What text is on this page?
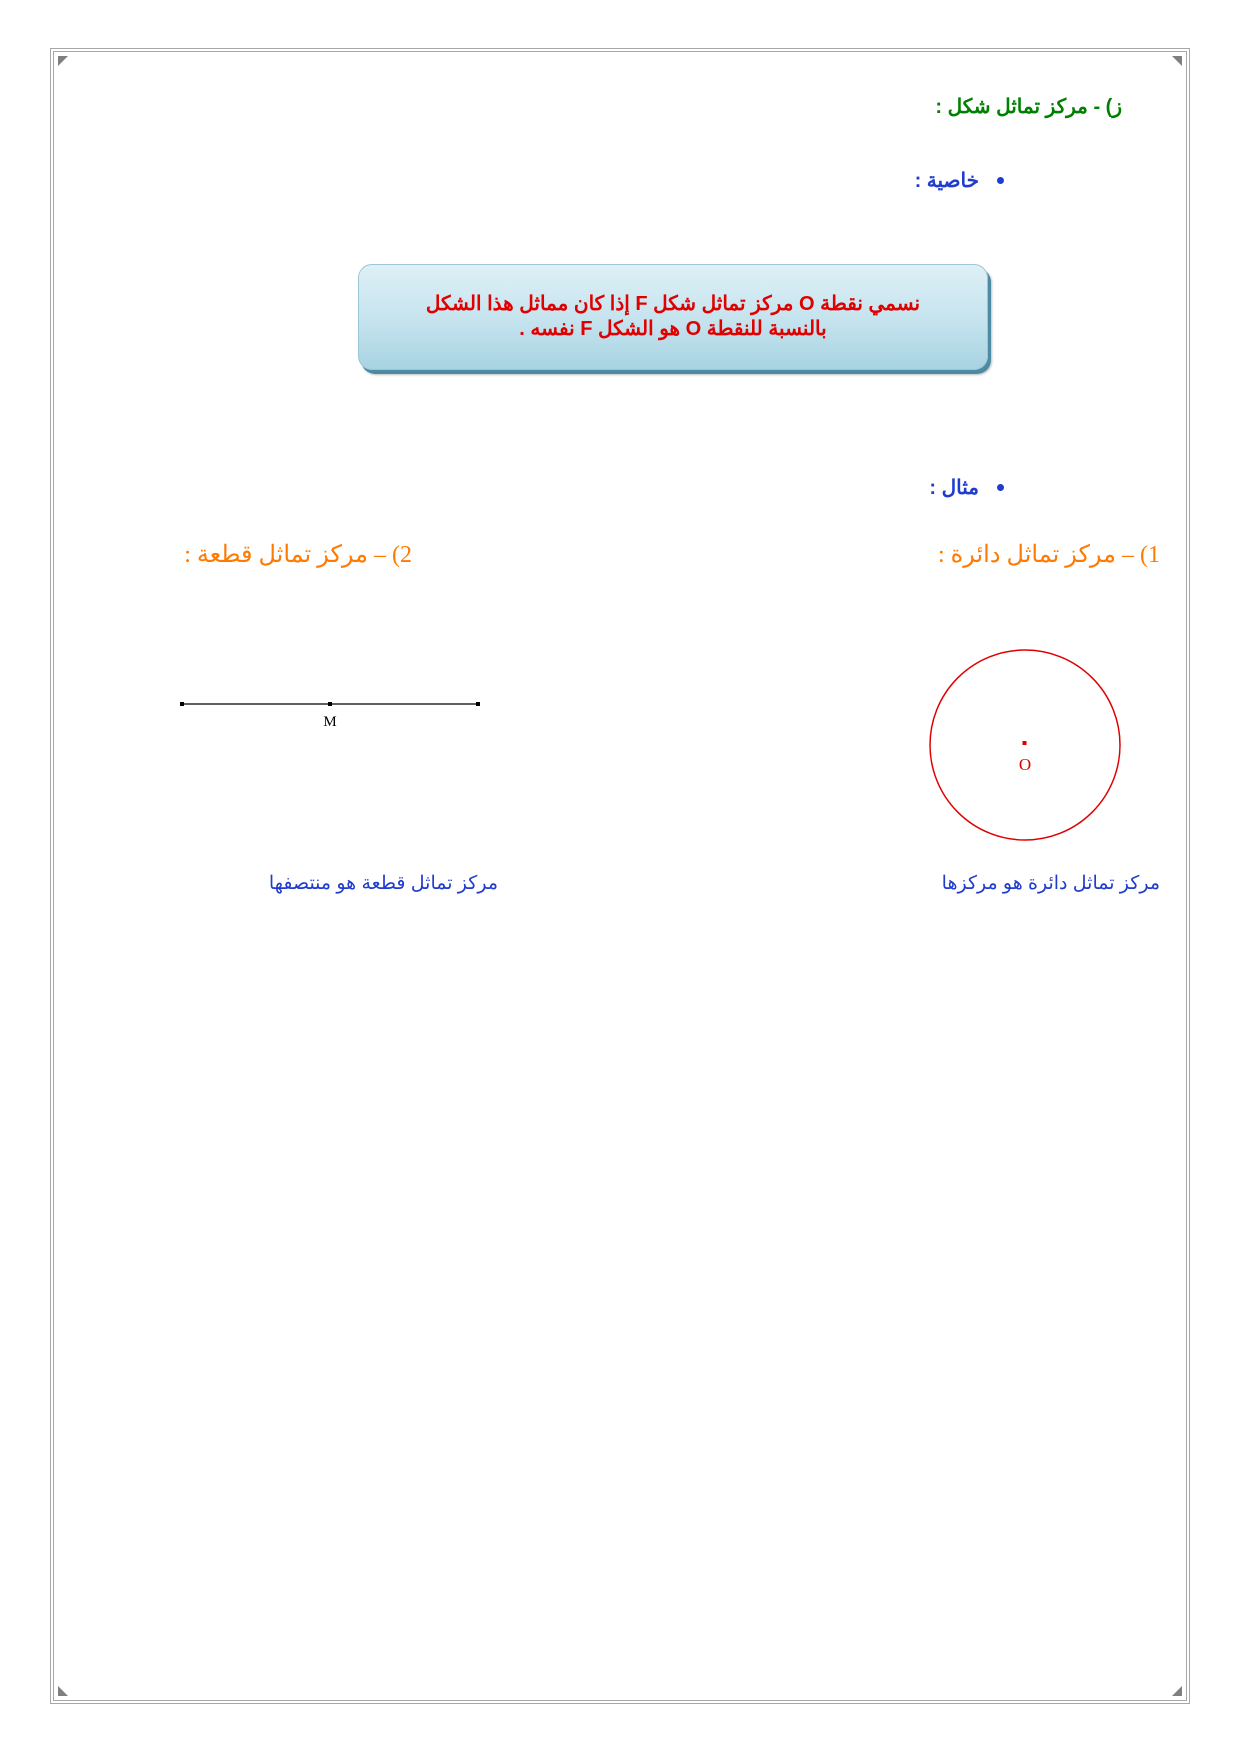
ز) - مركز تماثل شكل :
خاصية :
نسمي نقطة O مركز تماثل شكل F إذا كان مماثل هذا الشكل
بالنسبة للنقطة O هو الشكل F نفسه .
مثال :
1) – مركز تماثل دائرة :
2) – مركز تماثل قطعة :
O
M
مركز تماثل دائرة هو مركزها
مركز تماثل قطعة هو منتصفها
